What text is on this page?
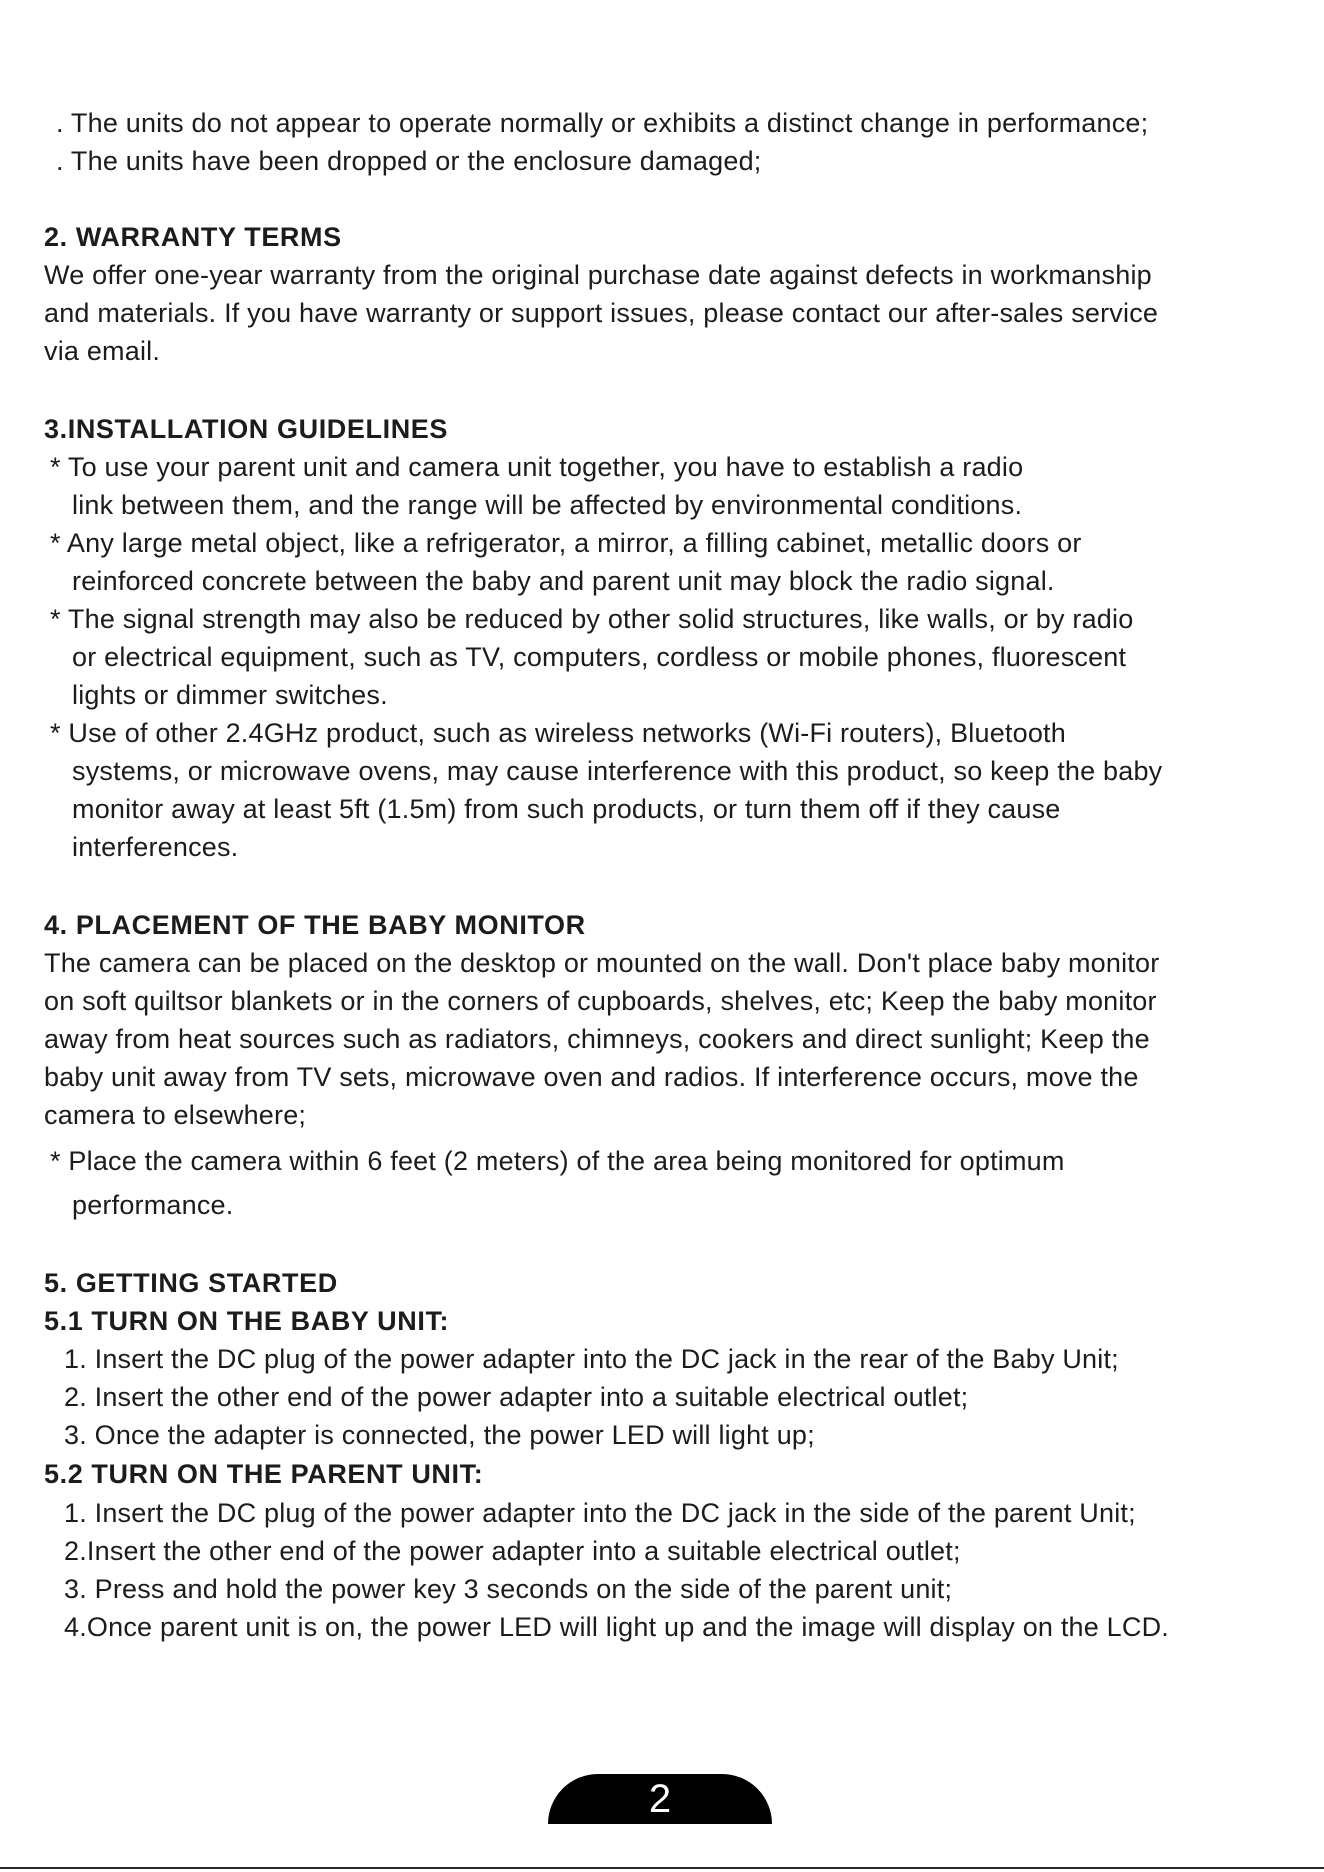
. The units do not appear to operate normally or exhibits a distinct change in performance;
. The units have been dropped or the enclosure damaged;
2. WARRANTY TERMS
We offer one-year warranty from the original purchase date against defects in workmanship
and materials. If you have warranty or support issues, please contact our after-sales service
via email.
3.INSTALLATION GUIDELINES
* To use your parent unit and camera unit together, you have to establish a radio
link between them, and the range will be affected by environmental conditions.
* Any large metal object, like a refrigerator, a mirror, a filling cabinet, metallic doors or
reinforced concrete between the baby and parent unit may block the radio signal.
* The signal strength may also be reduced by other solid structures, like walls, or by radio
or electrical equipment, such as TV, computers, cordless or mobile phones, fluorescent
lights or dimmer switches.
* Use of other 2.4GHz product, such as wireless networks (Wi-Fi routers), Bluetooth
systems, or microwave ovens, may cause interference with this product, so keep the baby
monitor away at least 5ft (1.5m) from such products, or turn them off if they cause
interferences.
4. PLACEMENT OF THE BABY MONITOR
The camera can be placed on the desktop or mounted on the wall. Don't place baby monitor
on soft quiltsor blankets or in the corners of cupboards, shelves, etc; Keep the baby monitor
away from heat sources such as radiators, chimneys, cookers and direct sunlight; Keep the
baby unit away from TV sets, microwave oven and radios. If interference occurs, move the
camera to elsewhere;
* Place the camera within 6 feet (2 meters) of the area being monitored for optimum
performance.
5. GETTING STARTED
5.1 TURN ON THE BABY UNIT:
1. Insert the DC plug of the power adapter into the DC jack in the rear of the Baby Unit;
2. Insert the other end of the power adapter into a suitable electrical outlet;
3. Once the adapter is connected, the power LED will light up;
5.2 TURN ON THE PARENT UNIT:
1. Insert the DC plug of the power adapter into the DC jack in the side of the parent Unit;
2.Insert the other end of the power adapter into a suitable electrical outlet;
3. Press and hold the power key 3 seconds on the side of the parent unit;
4.Once parent unit is on, the power LED will light up and the image will display on the LCD.
2
